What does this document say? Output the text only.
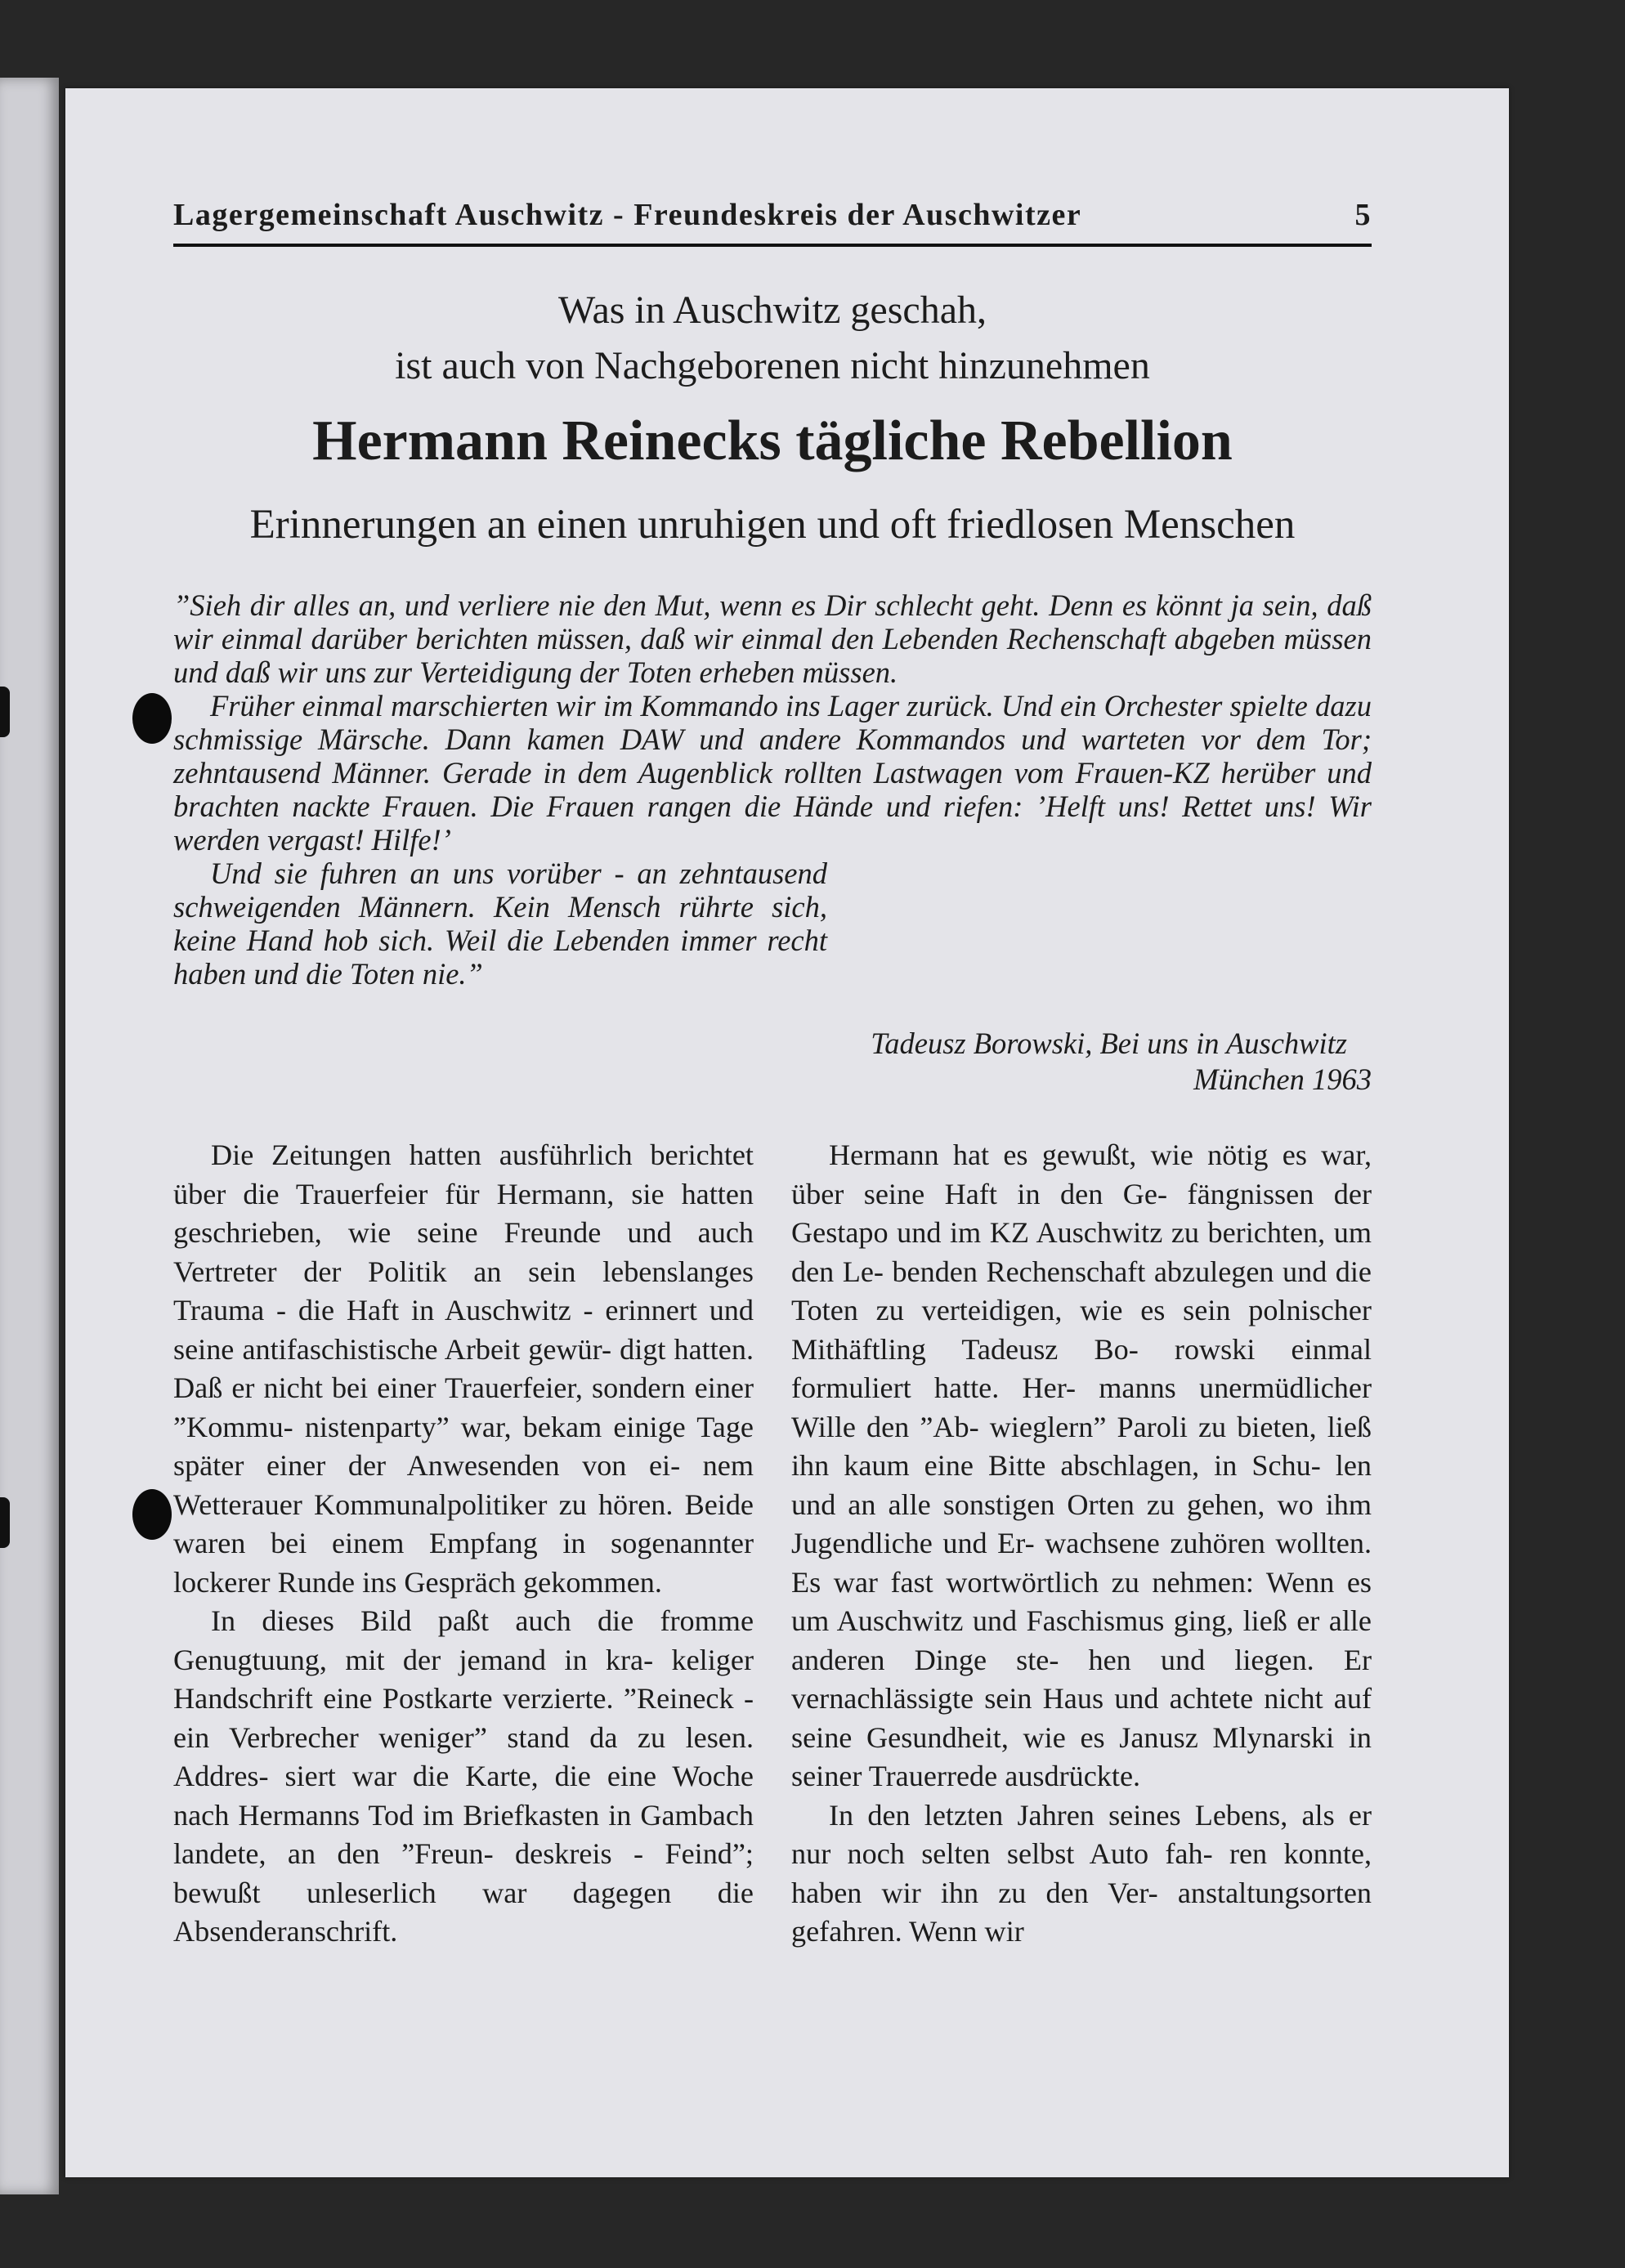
Lagergemeinschaft Auschwitz - Freundeskreis der Auschwitzer	5
Was in Auschwitz geschah,
ist auch von Nachgeborenen nicht hinzunehmen
Hermann Reinecks tägliche Rebellion
Erinnerungen an einen unruhigen und oft friedlosen Menschen

”Sieh dir alles an, und verliere nie den Mut, wenn es Dir schlecht geht. Denn es könnt ja sein, daß wir einmal darüber berichten müssen, daß wir einmal den Lebenden Rechenschaft abgeben müssen und daß wir uns zur Verteidigung der Toten erheben müssen.

Früher einmal marschierten wir im Kommando ins Lager zurück. Und ein Orchester spielte dazu schmissige Märsche. Dann kamen DAW und andere Kommandos und warteten vor dem Tor; zehntausend Männer. Gerade in dem Augenblick rollten Lastwagen vom Frauen-KZ herüber und brachten nackte Frauen. Die Frauen rangen die Hände und riefen: ’Helft uns! Rettet uns! Wir werden vergast! Hilfe!’

Und sie fuhren an uns vorüber - an zehntausend schweigenden Männern. Kein Mensch rührte sich, keine Hand hob sich. Weil die Lebenden immer recht haben und die Toten nie.”

Tadeusz Borowski, Bei uns in Auschwitz
München 1963

Die Zeitungen hatten ausführlich berichtet über die Trauerfeier für Hermann, sie hatten geschrieben, wie seine Freunde und auch Vertreter der Politik an sein lebenslanges Trauma - die Haft in Auschwitz - erinnert und seine antifaschistische Arbeit gewür- digt hatten. Daß er nicht bei einer Trauerfeier, sondern einer ”Kommu- nistenparty” war, bekam einige Tage später einer der Anwesenden von ei- nem Wetterauer Kommunalpolitiker zu hören. Beide waren bei einem Empfang in sogenannter lockerer Runde ins Gespräch gekommen.

In dieses Bild paßt auch die fromme Genugtuung, mit der jemand in kra- keliger Handschrift eine Postkarte verzierte. ”Reineck - ein Verbrecher weniger” stand da zu lesen. Addres- siert war die Karte, die eine Woche nach Hermanns Tod im Briefkasten in Gambach landete, an den ”Freun- deskreis - Feind”; bewußt unleserlich war dagegen die Absenderanschrift.

Hermann hat es gewußt, wie nötig es war, über seine Haft in den Ge- fängnissen der Gestapo und im KZ Auschwitz zu berichten, um den Le- benden Rechenschaft abzulegen und die Toten zu verteidigen, wie es sein polnischer Mithäftling Tadeusz Bo- rowski einmal formuliert hatte. Her- manns unermüdlicher Wille den ”Ab- wieglern” Paroli zu bieten, ließ ihn kaum eine Bitte abschlagen, in Schu- len und an alle sonstigen Orten zu gehen, wo ihm Jugendliche und Er- wachsene zuhören wollten. Es war fast wortwörtlich zu nehmen: Wenn es um Auschwitz und Faschismus ging, ließ er alle anderen Dinge ste- hen und liegen. Er vernachlässigte sein Haus und achtete nicht auf seine Gesundheit, wie es Janusz Mlynarski in seiner Trauerrede ausdrückte.

In den letzten Jahren seines Lebens, als er nur noch selten selbst Auto fah- ren konnte, haben wir ihn zu den Ver- anstaltungsorten gefahren. Wenn wir
